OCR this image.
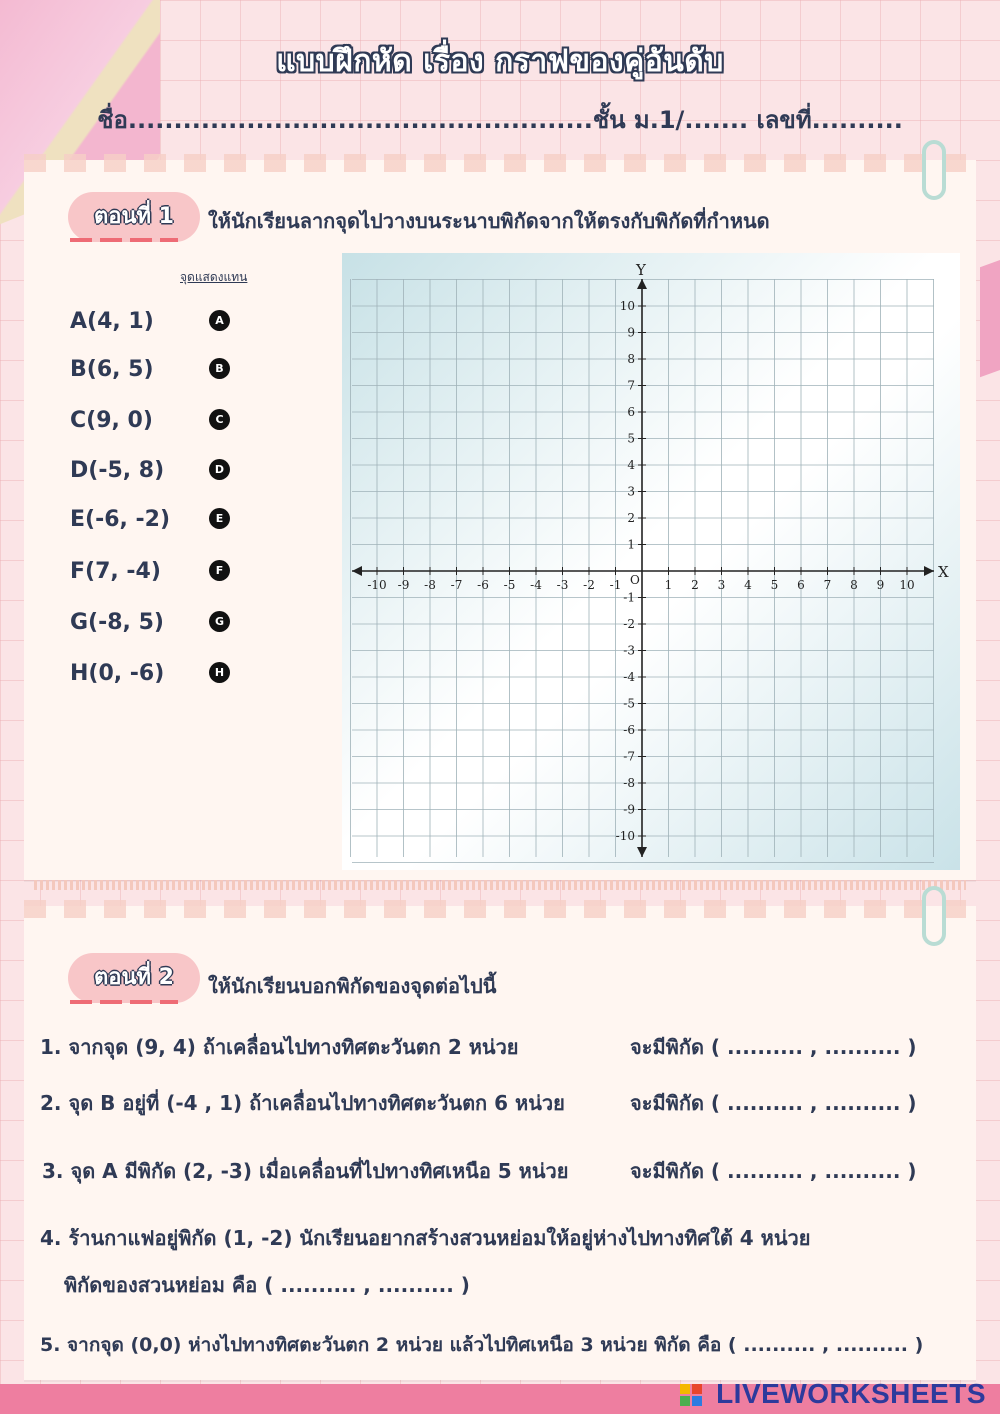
แบบฝึกหัด เรื่อง กราฟของคู่อันดับ
ชื่อ...................................................ชั้น ม.1/....... เลขที่..........
ตอนที่ 1	ให้นักเรียนลากจุดไปวางบนระนาบพิกัดจากให้ตรงกับพิกัดที่กำหนด
จุดแสดงแทน
A(4, 1)	A
B(6, 5)	B
C(9, 0)	C
D(-5, 8)	D
E(-6, -2)	E
F(7, -4)	F
G(-8, 5)	G
H(0, -6)	H
X
Y
O
-10 -9 -8 -7 -6 -5 -4 -3 -2 -1	1 2 3 4 5 6 7 8 9 10
10
9
8
7
6
5
4
3
2
1
-1
-2
-3
-4
-5
-6
-7
-8
-9
-10
ตอนที่ 2	ให้นักเรียนบอกพิกัดของจุดต่อไปนี้
1. จากจุด (9, 4) ถ้าเคลื่อนไปทางทิศตะวันตก 2 หน่วย	จะมีพิกัด ( .......... , .......... )
2. จุด B อยู่ที่ (-4 , 1) ถ้าเคลื่อนไปทางทิศตะวันตก 6 หน่วย	จะมีพิกัด ( .......... , .......... )
3. จุด A มีพิกัด (2, -3) เมื่อเคลื่อนที่ไปทางทิศเหนือ 5 หน่วย	จะมีพิกัด ( .......... , .......... )
4. ร้านกาแฟอยู่พิกัด (1, -2) นักเรียนอยากสร้างสวนหย่อมให้อยู่ห่างไปทางทิศใต้ 4 หน่วย
พิกัดของสวนหย่อม คือ ( .......... , .......... )
5. จากจุด (0,0) ห่างไปทางทิศตะวันตก 2 หน่วย แล้วไปทิศเหนือ 3 หน่วย พิกัด คือ ( .......... , .......... )
LIVEWORKSHEETS
